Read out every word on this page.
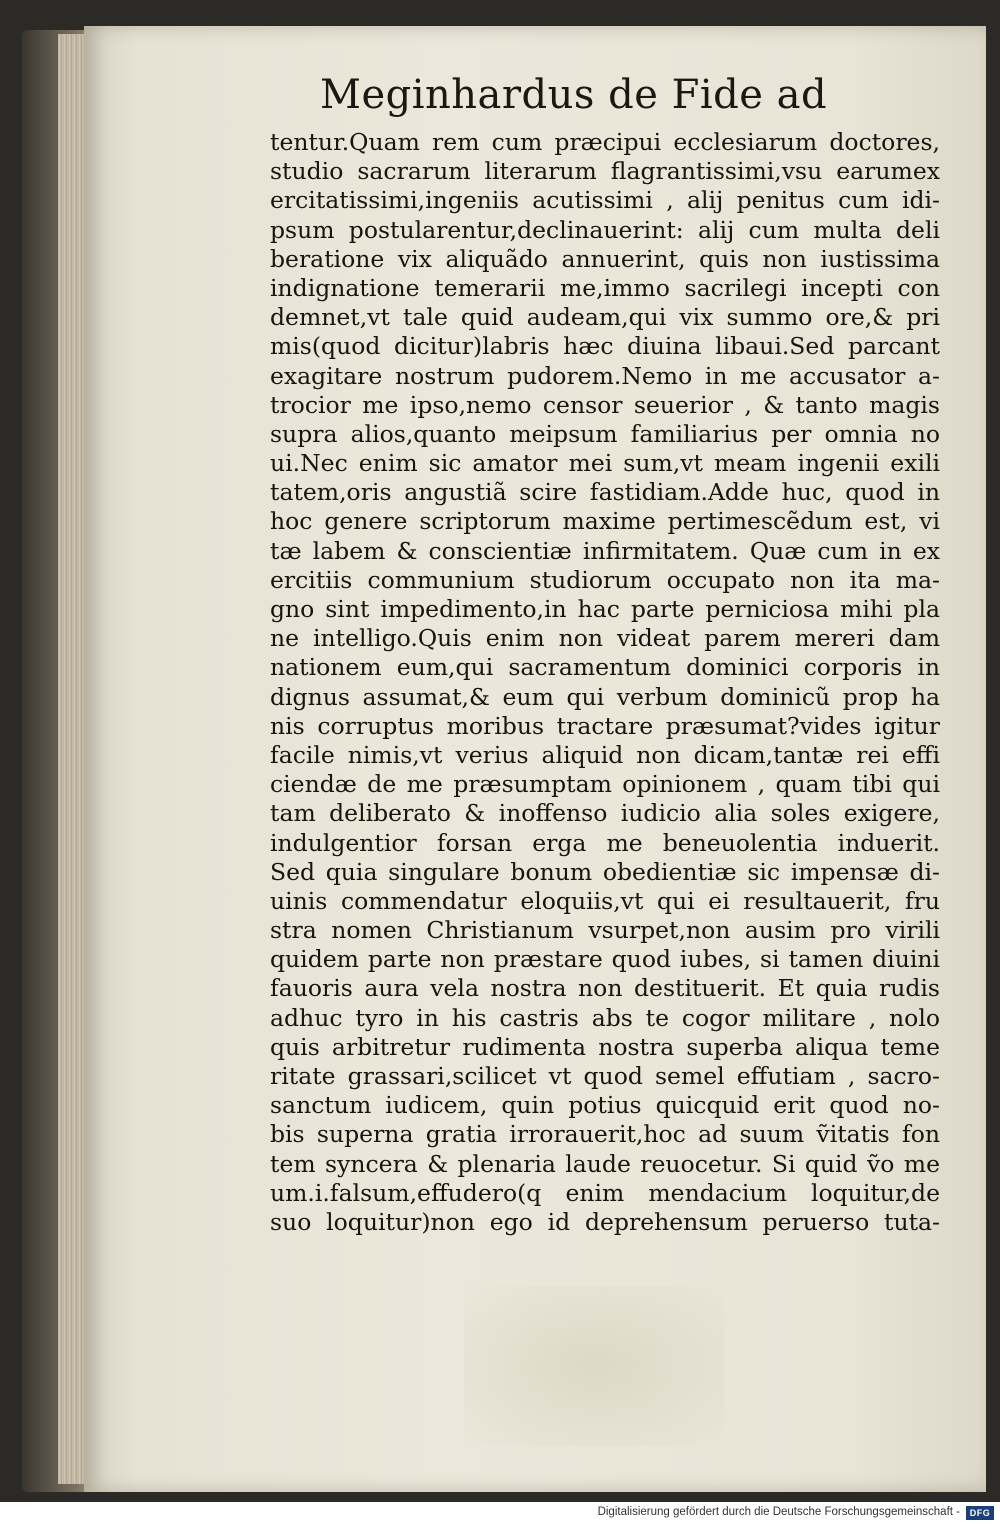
Meginhardus de Fide ad
tentur.Quam rem cum præcipui ecclesiarum doctores,
studio sacrarum literarum flagrantissimi,vsu earumex
ercitatissimi,ingeniis acutissimi , alij penitus cum idi-
psum postularentur,declinauerint: alij cum multa deli
beratione vix aliquãdo annuerint, quis non iustissima
indignatione temerarii me,immo sacrilegi incepti con
demnet,vt tale quid audeam,qui vix summo ore,& pri
mis(quod dicitur)labris hæc diuina libaui.Sed parcant
exagitare nostrum pudorem.Nemo in me accusator a-
trocior me ipso,nemo censor seuerior , & tanto magis
supra alios,quanto meipsum familiarius per omnia no
ui.Nec enim sic amator mei sum,vt meam ingenii exili
tatem,oris angustiã scire fastidiam.Adde huc, quod in
hoc genere scriptorum maxime pertimescẽdum est, vi
tæ labem & conscientiæ infirmitatem. Quæ cum in ex
ercitiis communium studiorum occupato non ita ma-
gno sint impedimento,in hac parte perniciosa mihi pla
ne intelligo.Quis enim non videat parem mereri dam
nationem eum,qui sacramentum dominici corporis in
dignus assumat,& eum qui verbum dominicũ prop ha
nis corruptus moribus tractare præsumat?vides igitur
facile nimis,vt verius aliquid non dicam,tantæ rei effi
ciendæ de me præsumptam opinionem , quam tibi qui
tam deliberato & inoffenso iudicio alia soles exigere,
indulgentior forsan erga me beneuolentia induerit.
Sed quia singulare bonum obedientiæ sic impensæ di-
uinis commendatur eloquiis,vt qui ei resultauerit, fru
stra nomen Christianum vsurpet,non ausim pro virili
quidem parte non præstare quod iubes, si tamen diuini
fauoris aura vela nostra non destituerit. Et quia rudis
adhuc tyro in his castris abs te cogor militare , nolo
quis arbitretur rudimenta nostra superba aliqua teme
ritate grassari,scilicet vt quod semel effutiam , sacro-
sanctum iudicem, quin potius quicquid erit quod no-
bis superna gratia irrorauerit,hoc ad suum ṽitatis fon
tem syncera & plenaria laude reuocetur. Si quid ṽo me
um.i.falsum,effudero(q enim mendacium loquitur,de
suo loquitur)non ego id deprehensum peruerso tuta-
Digitalisierung gefördert durch die Deutsche Forschungsgemeinschaft -	DFG
